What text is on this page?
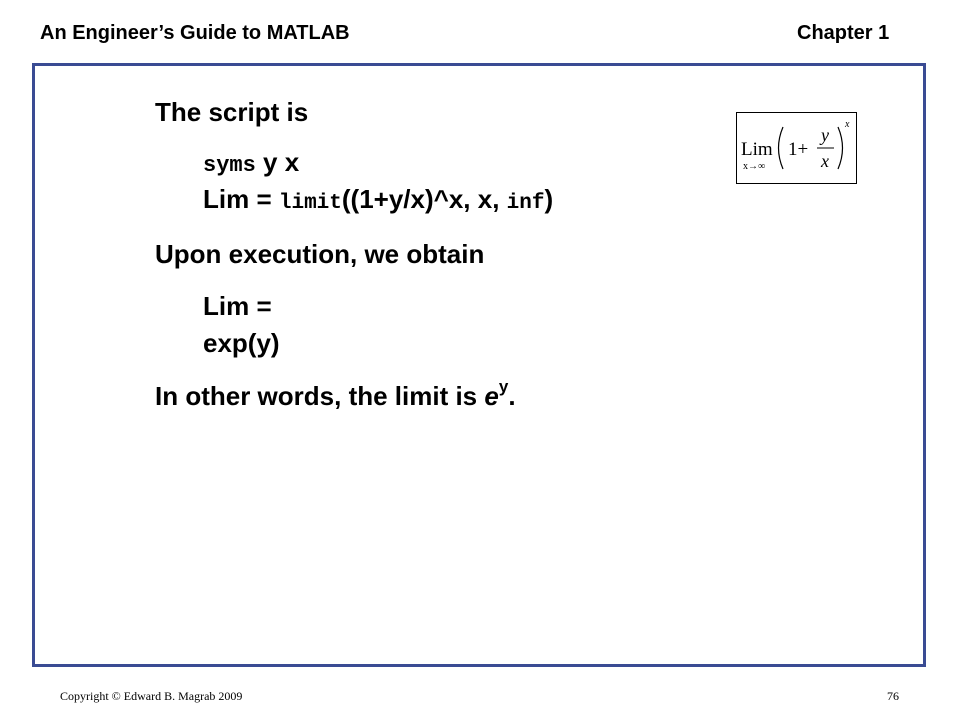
An Engineer’s Guide to MATLAB	Chapter 1
The script is
syms y x
Lim = limit((1+y/x)^x, x, inf)
Upon execution, we obtain
Lim =
exp(y)
In other words, the limit is $e^y$.
Lim
x→∞
1+
y
x
x
Copyright © Edward B. Magrab 2009	76
